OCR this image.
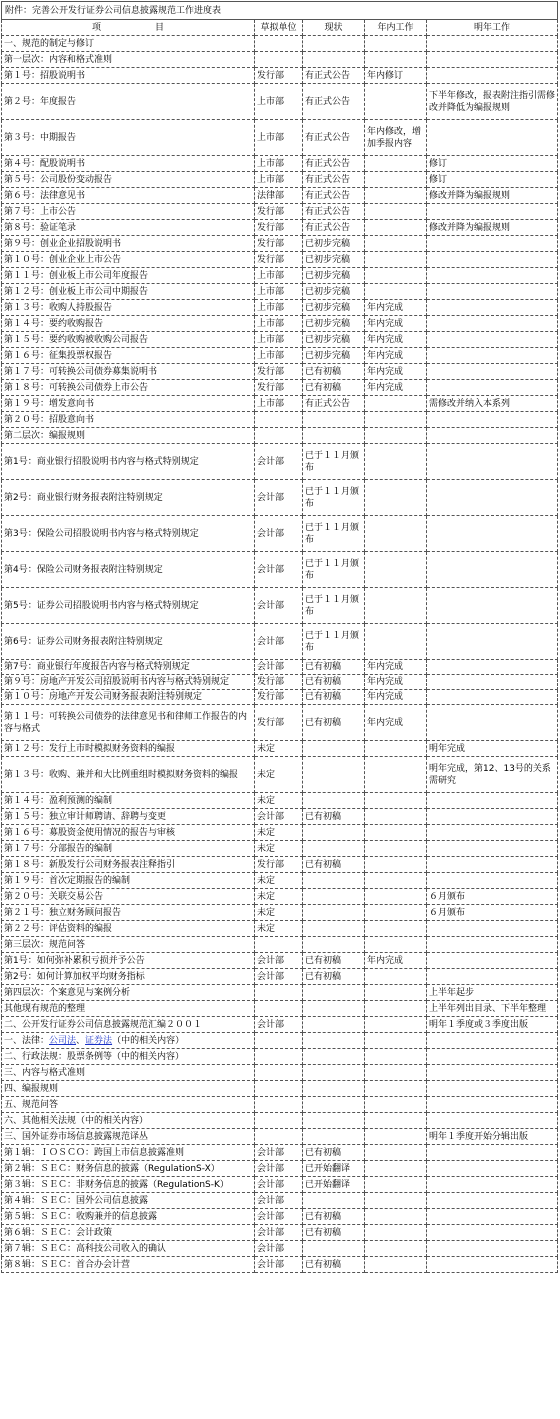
附件：完善公开发行证券公司信息披露规范工作进度表				
项　　　　　　目	草拟单位	现状	年内工作	明年工作
一、规范的制定与修订				
第一层次：内容和格式准则				
第１号：招股说明书	发行部	有正式公告	年内修订	
第２号：年度报告	上市部	有正式公告		下半年修改，报表附注指引需修改并降低为编报规则
第３号：中期报告	上市部	有正式公告	年内修改，增加季报内容	
第４号：配股说明书	上市部	有正式公告		修订
第５号：公司股份变动报告	上市部	有正式公告		修订
第６号：法律意见书	法律部	有正式公告		修改并降为编报规则
第７号：上市公告	发行部	有正式公告		
第８号：验证笔录	发行部	有正式公告		修改并降为编报规则
第９号：创业企业招股说明书	发行部	已初步完稿		
第１０号：创业企业上市公告	发行部	已初步完稿		
第１１号：创业板上市公司年度报告	上市部	已初步完稿		
第１２号：创业板上市公司中期报告	上市部	已初步完稿		
第１３号：收购人持股报告	上市部	已初步完稿	年内完成	
第１４号：要约收购报告	上市部	已初步完稿	年内完成	
第１５号：要约收购被收购公司报告	上市部	已初步完稿	年内完成	
第１６号：征集投票权报告	上市部	已初步完稿	年内完成	
第１７号：可转换公司债券募集说明书	发行部	已有初稿	年内完成	
第１８号：可转换公司债券上市公告	发行部	已有初稿	年内完成	
第１９号：增发意向书	上市部	有正式公告		需修改并纳入本系列
第２０号：招股意向书				
第二层次：编报规则				
第1号：商业银行招股说明书内容与格式特别规定	会计部	已于１１月颁布		
第2号：商业银行财务报表附注特别规定	会计部	已于１１月颁布		
第3号：保险公司招股说明书内容与格式特别规定	会计部	已于１１月颁布		
第4号：保险公司财务报表附注特别规定	会计部	已于１１月颁布		
第5号：证券公司招股说明书内容与格式特别规定	会计部	已于１１月颁布		
第6号：证券公司财务报表附注特别规定	会计部	已于１１月颁布		
第7号：商业银行年度报告内容与格式特别规定	会计部	已有初稿	年内完成	
第９号：房地产开发公司招股说明书内容与格式特别规定	发行部	已有初稿	年内完成	
第１０号：房地产开发公司财务报表附注特别规定	发行部	已有初稿	年内完成	
第１１号：可转换公司债券的法律意见书和律师工作报告的内容与格式	发行部	已有初稿	年内完成	
第１２号：发行上市时模拟财务资料的编报	未定			明年完成
第１３号：收购、兼并和大比例重组时模拟财务资料的编报	未定			明年完成，第12、13号的关系需研究
第１４号：盈利预测的编制	未定			
第１５号：独立审计师聘请、辞聘与变更	会计部	已有初稿		
第１６号：募股资金使用情况的报告与审核	未定			
第１７号：分部报告的编制	未定			
第１８号：新股发行公司财务报表注释指引	发行部	已有初稿		
第１９号：首次定期报告的编制	未定			
第２０号：关联交易公告	未定			６月颁布
第２１号：独立财务顾问报告	未定			６月颁布
第２２号：评估资料的编报	未定			
第三层次：规范问答				
第1号：如何弥补累积亏损并予公告	会计部	已有初稿	年内完成	
第2号：如何计算加权平均财务指标	会计部	已有初稿		
第四层次：个案意见与案例分析				上半年起步
其他现有规范的整理				上半年列出目录、下半年整理
二、公开发行证券公司信息披露规范汇编２００１	会计部			明年１季度或３季度出版
一、法律：公司法、证券法（中的相关内容）				
二、行政法规：股票条例等（中的相关内容）				
三、内容与格式准则				
四、编报规则				
五、规范问答				
六、其他相关法规（中的相关内容）				
三、国外证券市场信息披露规范译丛				明年１季度开始分辑出版
第１辑：ＩＯＳＣＯ：跨国上市信息披露准则	会计部	已有初稿		
第２辑：ＳＥＣ：财务信息的披露（RegulationS-X）	会计部	已开始翻译		
第３辑：ＳＥＣ：非财务信息的披露（RegulationS-K）	会计部	已开始翻译		
第４辑：ＳＥＣ：国外公司信息披露	会计部			
第５辑：ＳＥＣ：收购兼并的信息披露	会计部	已有初稿		
第６辑：ＳＥＣ：会计政策	会计部	已有初稿		
第７辑：ＳＥＣ：高科技公司收入的确认	会计部			
第８辑：ＳＥＣ：首合办会计营	会计部	已有初稿		
